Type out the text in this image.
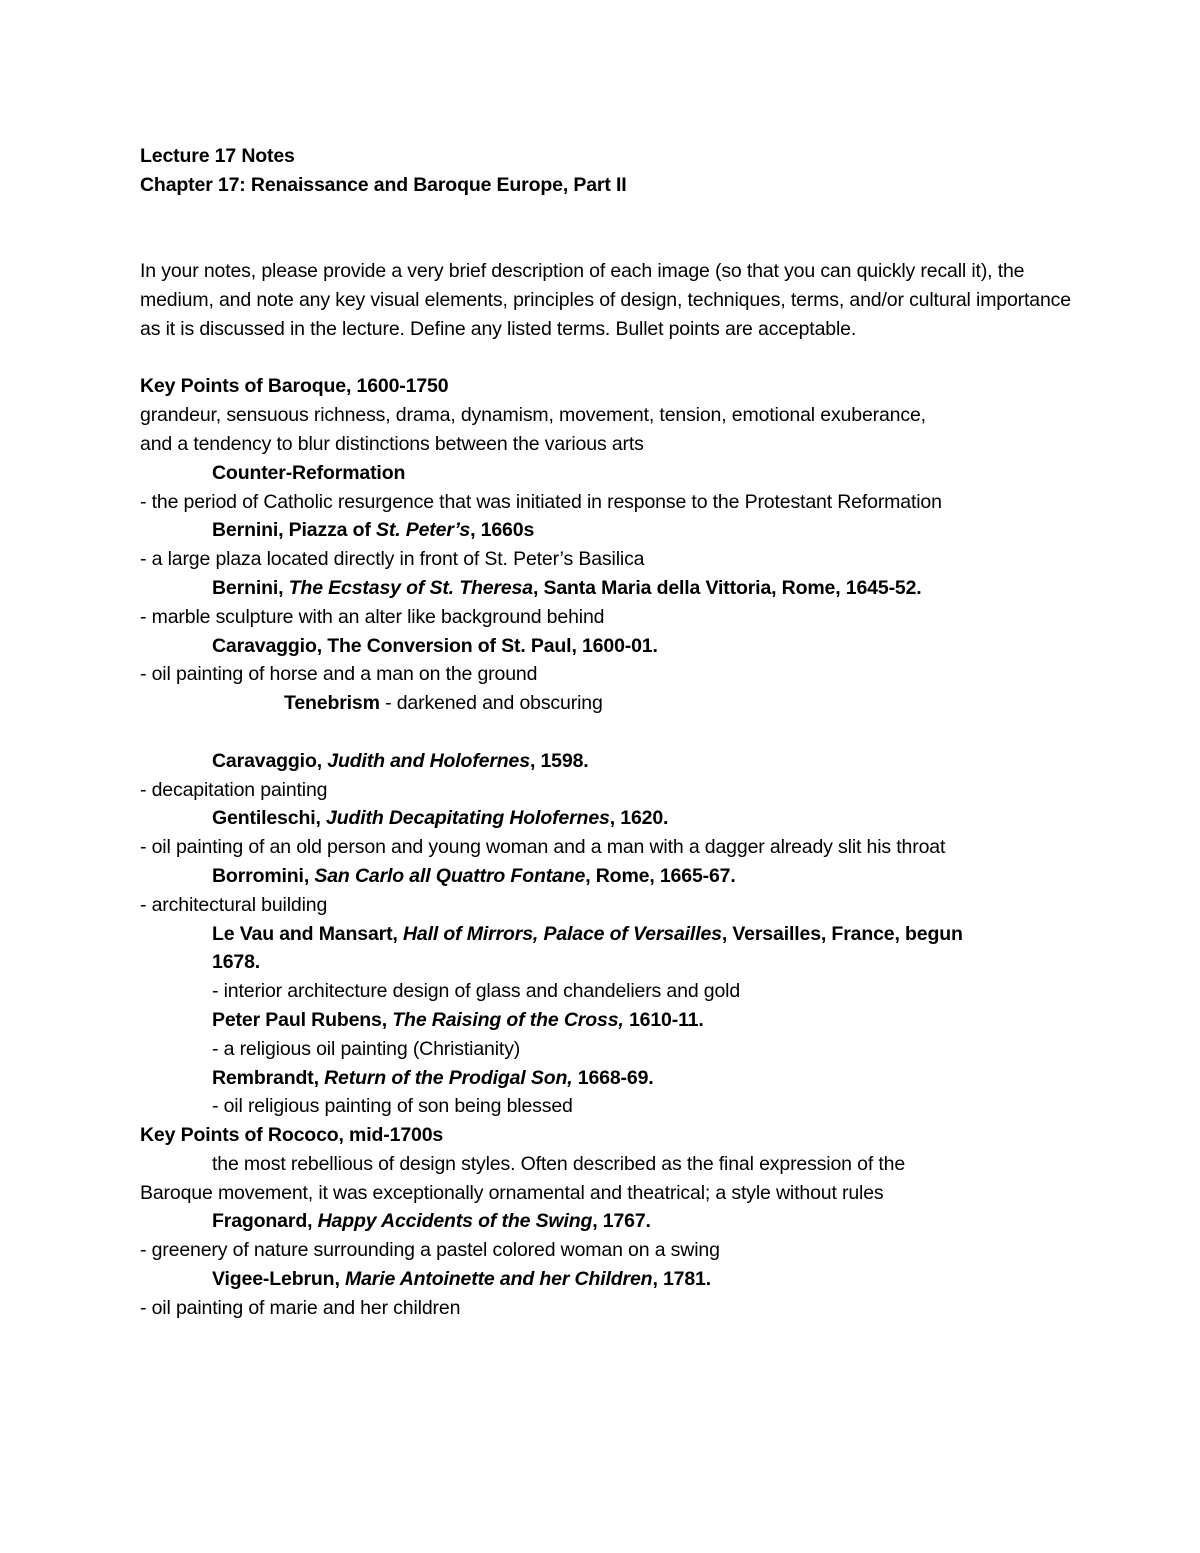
Lecture 17 Notes
Chapter 17: Renaissance and Baroque Europe, Part II
In your notes, please provide a very brief description of each image (so that you can quickly recall it), the medium, and note any key visual elements, principles of design, techniques, terms, and/or cultural importance as it is discussed in the lecture. Define any listed terms. Bullet points are acceptable.
Key Points of Baroque, 1600-1750
grandeur, sensuous richness, drama, dynamism, movement, tension, emotional exuberance,
and a tendency to blur distinctions between the various arts
Counter-Reformation
- the period of Catholic resurgence that was initiated in response to the Protestant Reformation
Bernini, Piazza of St. Peter’s, 1660s
- a large plaza located directly in front of St. Peter’s Basilica
Bernini, The Ecstasy of St. Theresa, Santa Maria della Vittoria, Rome, 1645-52.
- marble sculpture with an alter like background behind
Caravaggio, The Conversion of St. Paul, 1600-01.
- oil painting of horse and a man on the ground
Tenebrism - darkened and obscuring
Caravaggio, Judith and Holofernes, 1598.
- decapitation painting
Gentileschi, Judith Decapitating Holofernes, 1620.
- oil painting of an old person and young woman and a man with a dagger already slit his throat
Borromini, San Carlo all Quattro Fontane, Rome, 1665-67.
- architectural building
Le Vau and Mansart, Hall of Mirrors, Palace of Versailles, Versailles, France, begun
1678.
- interior architecture design of glass and chandeliers and gold
Peter Paul Rubens, The Raising of the Cross, 1610-11.
- a religious oil painting (Christianity)
Rembrandt, Return of the Prodigal Son, 1668-69.
- oil religious painting of son being blessed
Key Points of Rococo, mid-1700s
the most rebellious of design styles. Often described as the final expression of the
Baroque movement, it was exceptionally ornamental and theatrical; a style without rules
Fragonard, Happy Accidents of the Swing, 1767.
- greenery of nature surrounding a pastel colored woman on a swing
Vigee-Lebrun, Marie Antoinette and her Children, 1781.
- oil painting of marie and her children
